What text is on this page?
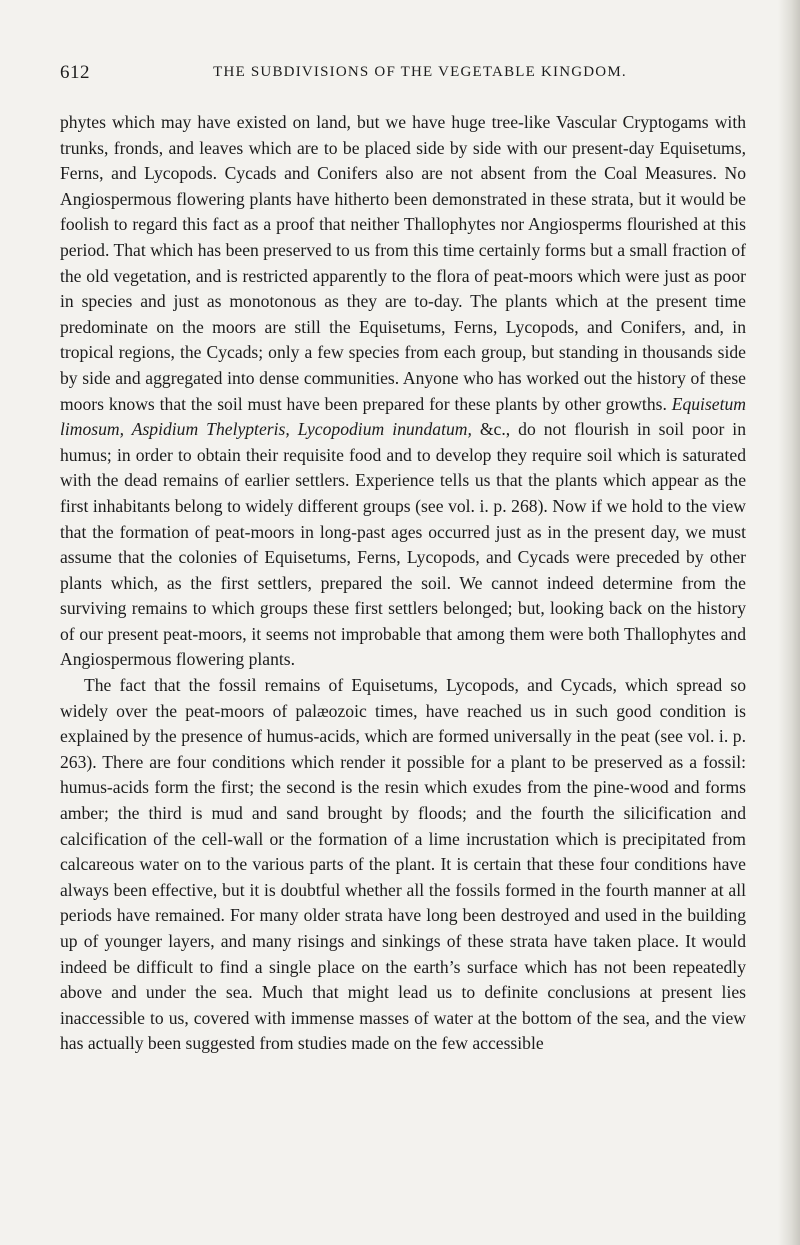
612	THE SUBDIVISIONS OF THE VEGETABLE KINGDOM.

phytes which may have existed on land, but we have huge tree-like Vascular Cryptogams with trunks, fronds, and leaves which are to be placed side by side with our present-day Equisetums, Ferns, and Lycopods. Cycads and Conifers also are not absent from the Coal Measures. No Angiospermous flowering plants have hitherto been demonstrated in these strata, but it would be foolish to regard this fact as a proof that neither Thallophytes nor Angiosperms flourished at this period. That which has been preserved to us from this time certainly forms but a small fraction of the old vegetation, and is restricted apparently to the flora of peat-moors which were just as poor in species and just as monotonous as they are to-day. The plants which at the present time predominate on the moors are still the Equisetums, Ferns, Lycopods, and Conifers, and, in tropical regions, the Cycads; only a few species from each group, but standing in thousands side by side and aggregated into dense communities. Anyone who has worked out the history of these moors knows that the soil must have been prepared for these plants by other growths. Equisetum limosum, Aspidium Thelypteris, Lycopodium inundatum, &c., do not flourish in soil poor in humus; in order to obtain their requisite food and to develop they require soil which is saturated with the dead remains of earlier settlers. Experience tells us that the plants which appear as the first inhabitants belong to widely different groups (see vol. i. p. 268). Now if we hold to the view that the formation of peat-moors in long-past ages occurred just as in the present day, we must assume that the colonies of Equisetums, Ferns, Lycopods, and Cycads were preceded by other plants which, as the first settlers, prepared the soil. We cannot indeed determine from the surviving remains to which groups these first settlers belonged; but, looking back on the history of our present peat-moors, it seems not improbable that among them were both Thallophytes and Angiospermous flowering plants.

The fact that the fossil remains of Equisetums, Lycopods, and Cycads, which spread so widely over the peat-moors of palæozoic times, have reached us in such good condition is explained by the presence of humus-acids, which are formed universally in the peat (see vol. i. p. 263). There are four conditions which render it possible for a plant to be preserved as a fossil: humus-acids form the first; the second is the resin which exudes from the pine-wood and forms amber; the third is mud and sand brought by floods; and the fourth the silicification and calcification of the cell-wall or the formation of a lime incrustation which is precipitated from calcareous water on to the various parts of the plant. It is certain that these four conditions have always been effective, but it is doubtful whether all the fossils formed in the fourth manner at all periods have remained. For many older strata have long been destroyed and used in the building up of younger layers, and many risings and sinkings of these strata have taken place. It would indeed be difficult to find a single place on the earth’s surface which has not been repeatedly above and under the sea. Much that might lead us to definite conclusions at present lies inaccessible to us, covered with immense masses of water at the bottom of the sea, and the view has actually been suggested from studies made on the few accessible
